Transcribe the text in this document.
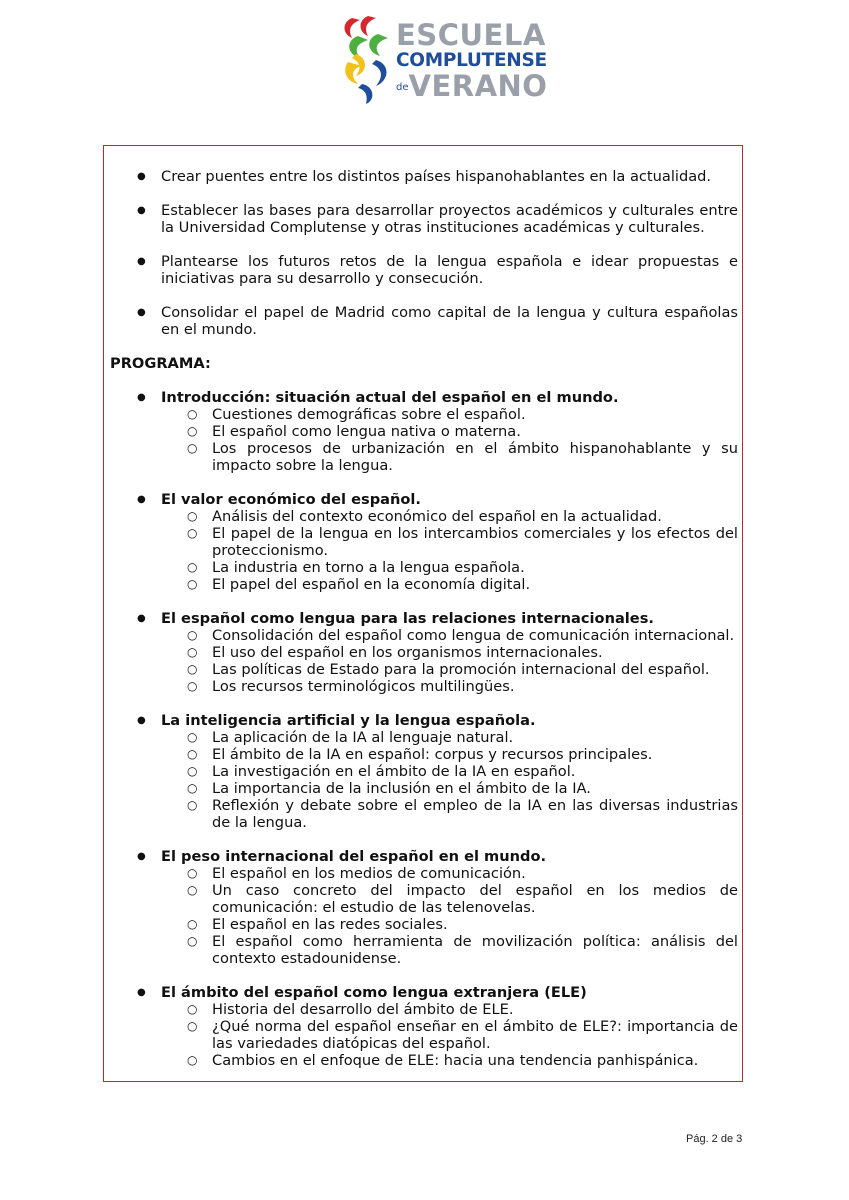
ESCUELA
COMPLUTENSE
$^{de}$VERANO
● Crear puentes entre los distintos países hispanohablantes en la actualidad.
● Establecer las bases para desarrollar proyectos académicos y culturales entre la Universidad Complutense y otras instituciones académicas y culturales.
● Plantearse los futuros retos de la lengua española e idear propuestas e iniciativas para su desarrollo y consecución.
● Consolidar el papel de Madrid como capital de la lengua y cultura españolas en el mundo.
PROGRAMA:
● Introducción: situación actual del español en el mundo.
○ Cuestiones demográficas sobre el español.
○ El español como lengua nativa o materna.
○ Los procesos de urbanización en el ámbito hispanohablante y su impacto sobre la lengua.
● El valor económico del español.
○ Análisis del contexto económico del español en la actualidad.
○ El papel de la lengua en los intercambios comerciales y los efectos del proteccionismo.
○ La industria en torno a la lengua española.
○ El papel del español en la economía digital.
● El español como lengua para las relaciones internacionales.
○ Consolidación del español como lengua de comunicación internacional.
○ El uso del español en los organismos internacionales.
○ Las políticas de Estado para la promoción internacional del español.
○ Los recursos terminológicos multilingües.
● La inteligencia artificial y la lengua española.
○ La aplicación de la IA al lenguaje natural.
○ El ámbito de la IA en español: corpus y recursos principales.
○ La investigación en el ámbito de la IA en español.
○ La importancia de la inclusión en el ámbito de la IA.
○ Reflexión y debate sobre el empleo de la IA en las diversas industrias de la lengua.
● El peso internacional del español en el mundo.
○ El español en los medios de comunicación.
○ Un caso concreto del impacto del español en los medios de comunicación: el estudio de las telenovelas.
○ El español en las redes sociales.
○ El español como herramienta de movilización política: análisis del contexto estadounidense.
● El ámbito del español como lengua extranjera (ELE)
○ Historia del desarrollo del ámbito de ELE.
○ ¿Qué norma del español enseñar en el ámbito de ELE?: importancia de las variedades diatópicas del español.
○ Cambios en el enfoque de ELE: hacia una tendencia panhispánica.
Pág. 2 de 3
